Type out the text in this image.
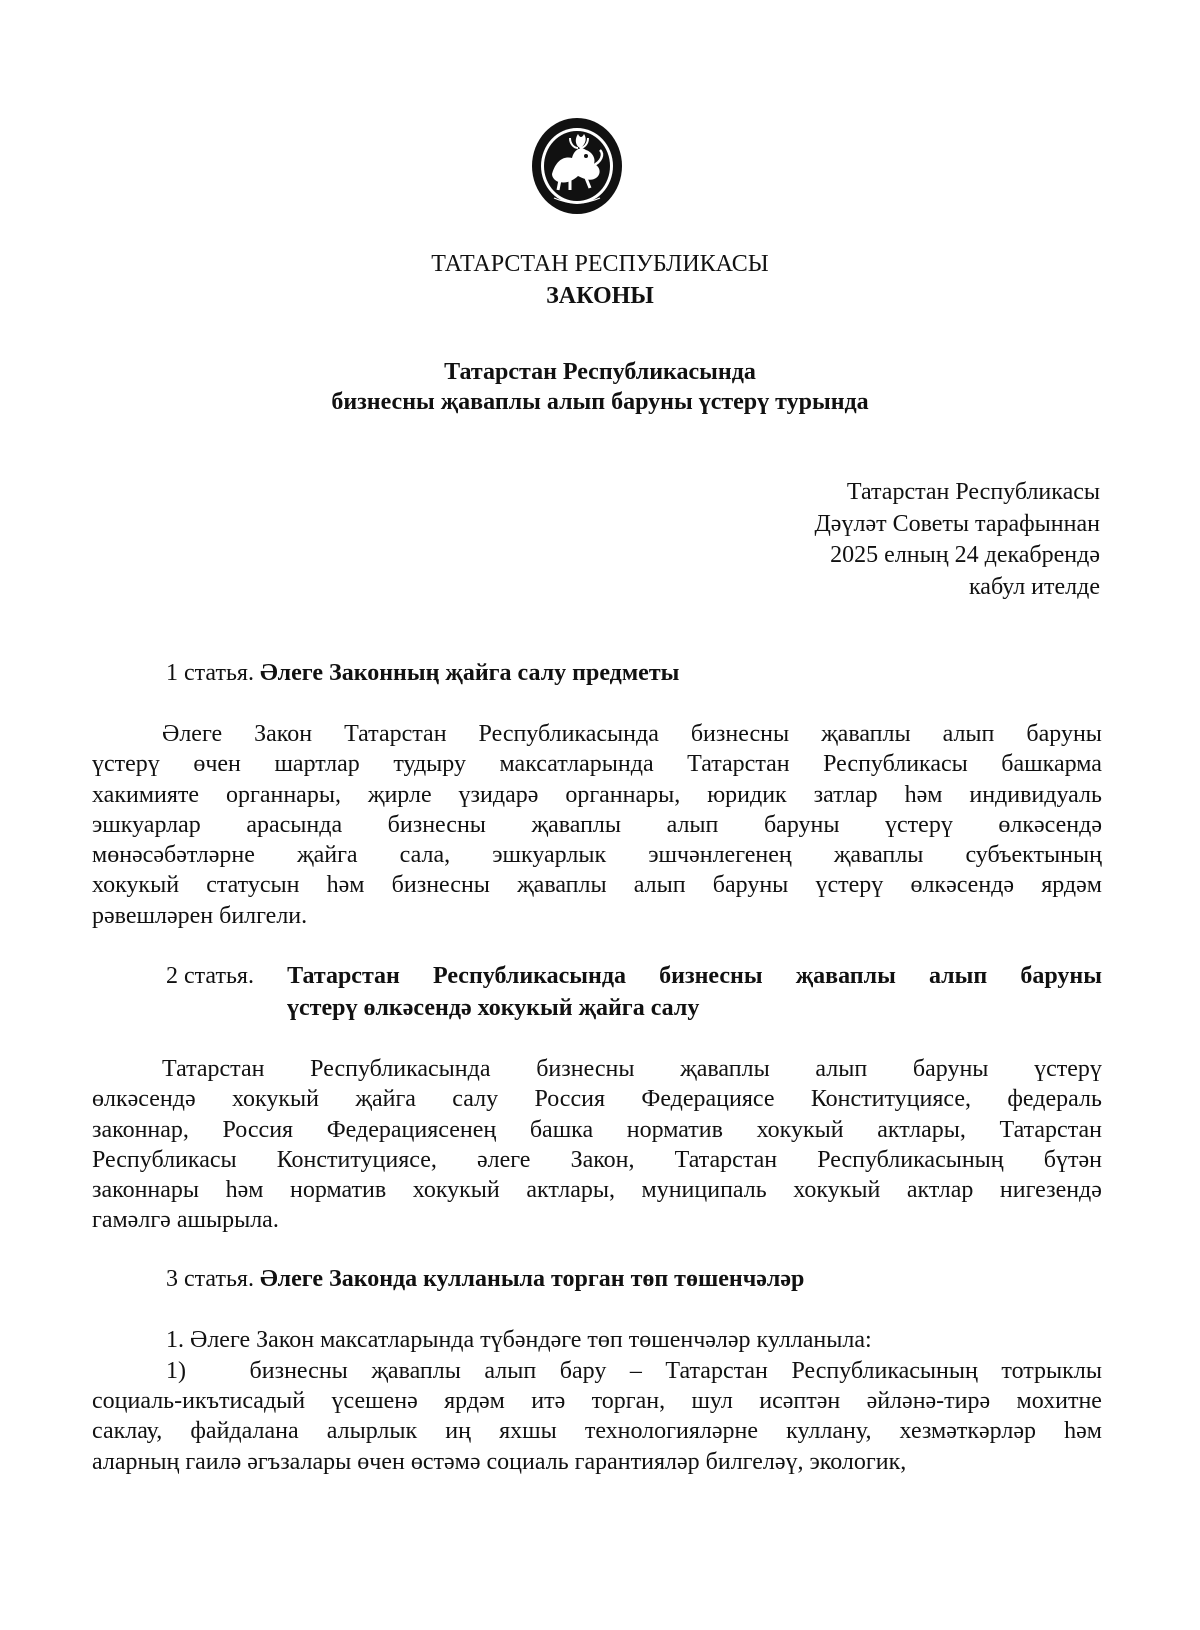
ТАТАРСТАН РЕСПУБЛИКАСЫ
ЗАКОНЫ
Татарстан Республикасында
бизнесны җаваплы алып баруны үстерү турында
Татарстан Республикасы
Дәүләт Советы тарафыннан
2025 елның 24 декабрендә
кабул ителде
1 статья. Әлеге Законның җайга салу предметы
Әлеге Закон Татарстан Республикасында бизнесны җаваплы алып баруны
үстерү өчен шартлар тудыру максатларында Татарстан Республикасы башкарма
хакимияте органнары, җирле үзидарә органнары, юридик затлар һәм индивидуаль
эшкуарлар арасында бизнесны җаваплы алып баруны үстерү өлкәсендә
мөнәсәбәтләрне җайга сала, эшкуарлык эшчәнлегенең җаваплы субъектының
хокукый статусын һәм бизнесны җаваплы алып баруны үстерү өлкәсендә ярдәм
рәвешләрен билгели.
2 статья. Татарстан Республикасында бизнесны җаваплы алып баруны
үстерү өлкәсендә хокукый җайга салу
Татарстан Республикасында бизнесны җаваплы алып баруны үстерү
өлкәсендә хокукый җайга салу Россия Федерациясе Конституциясе, федераль
законнар, Россия Федерациясенең башка норматив хокукый актлары, Татарстан
Республикасы Конституциясе, әлеге Закон, Татарстан Республикасының бүтән
законнары һәм норматив хокукый актлары, муниципаль хокукый актлар нигезендә
гамәлгә ашырыла.
3 статья. Әлеге Законда кулланыла торган төп төшенчәләр
1. Әлеге Закон максатларында түбәндәге төп төшенчәләр кулланыла:
1)	бизнесны җаваплы алып бару – Татарстан Республикасының тотрыклы
социаль-икътисадый үсешенә ярдәм итә торган, шул исәптән әйләнә-тирә мохитне
саклау, файдалана алырлык иң яхшы технологияләрне куллану, хезмәткәрләр һәм
аларның гаилә әгъзалары өчен өстәмә социаль гарантияләр билгеләү, экологик,
